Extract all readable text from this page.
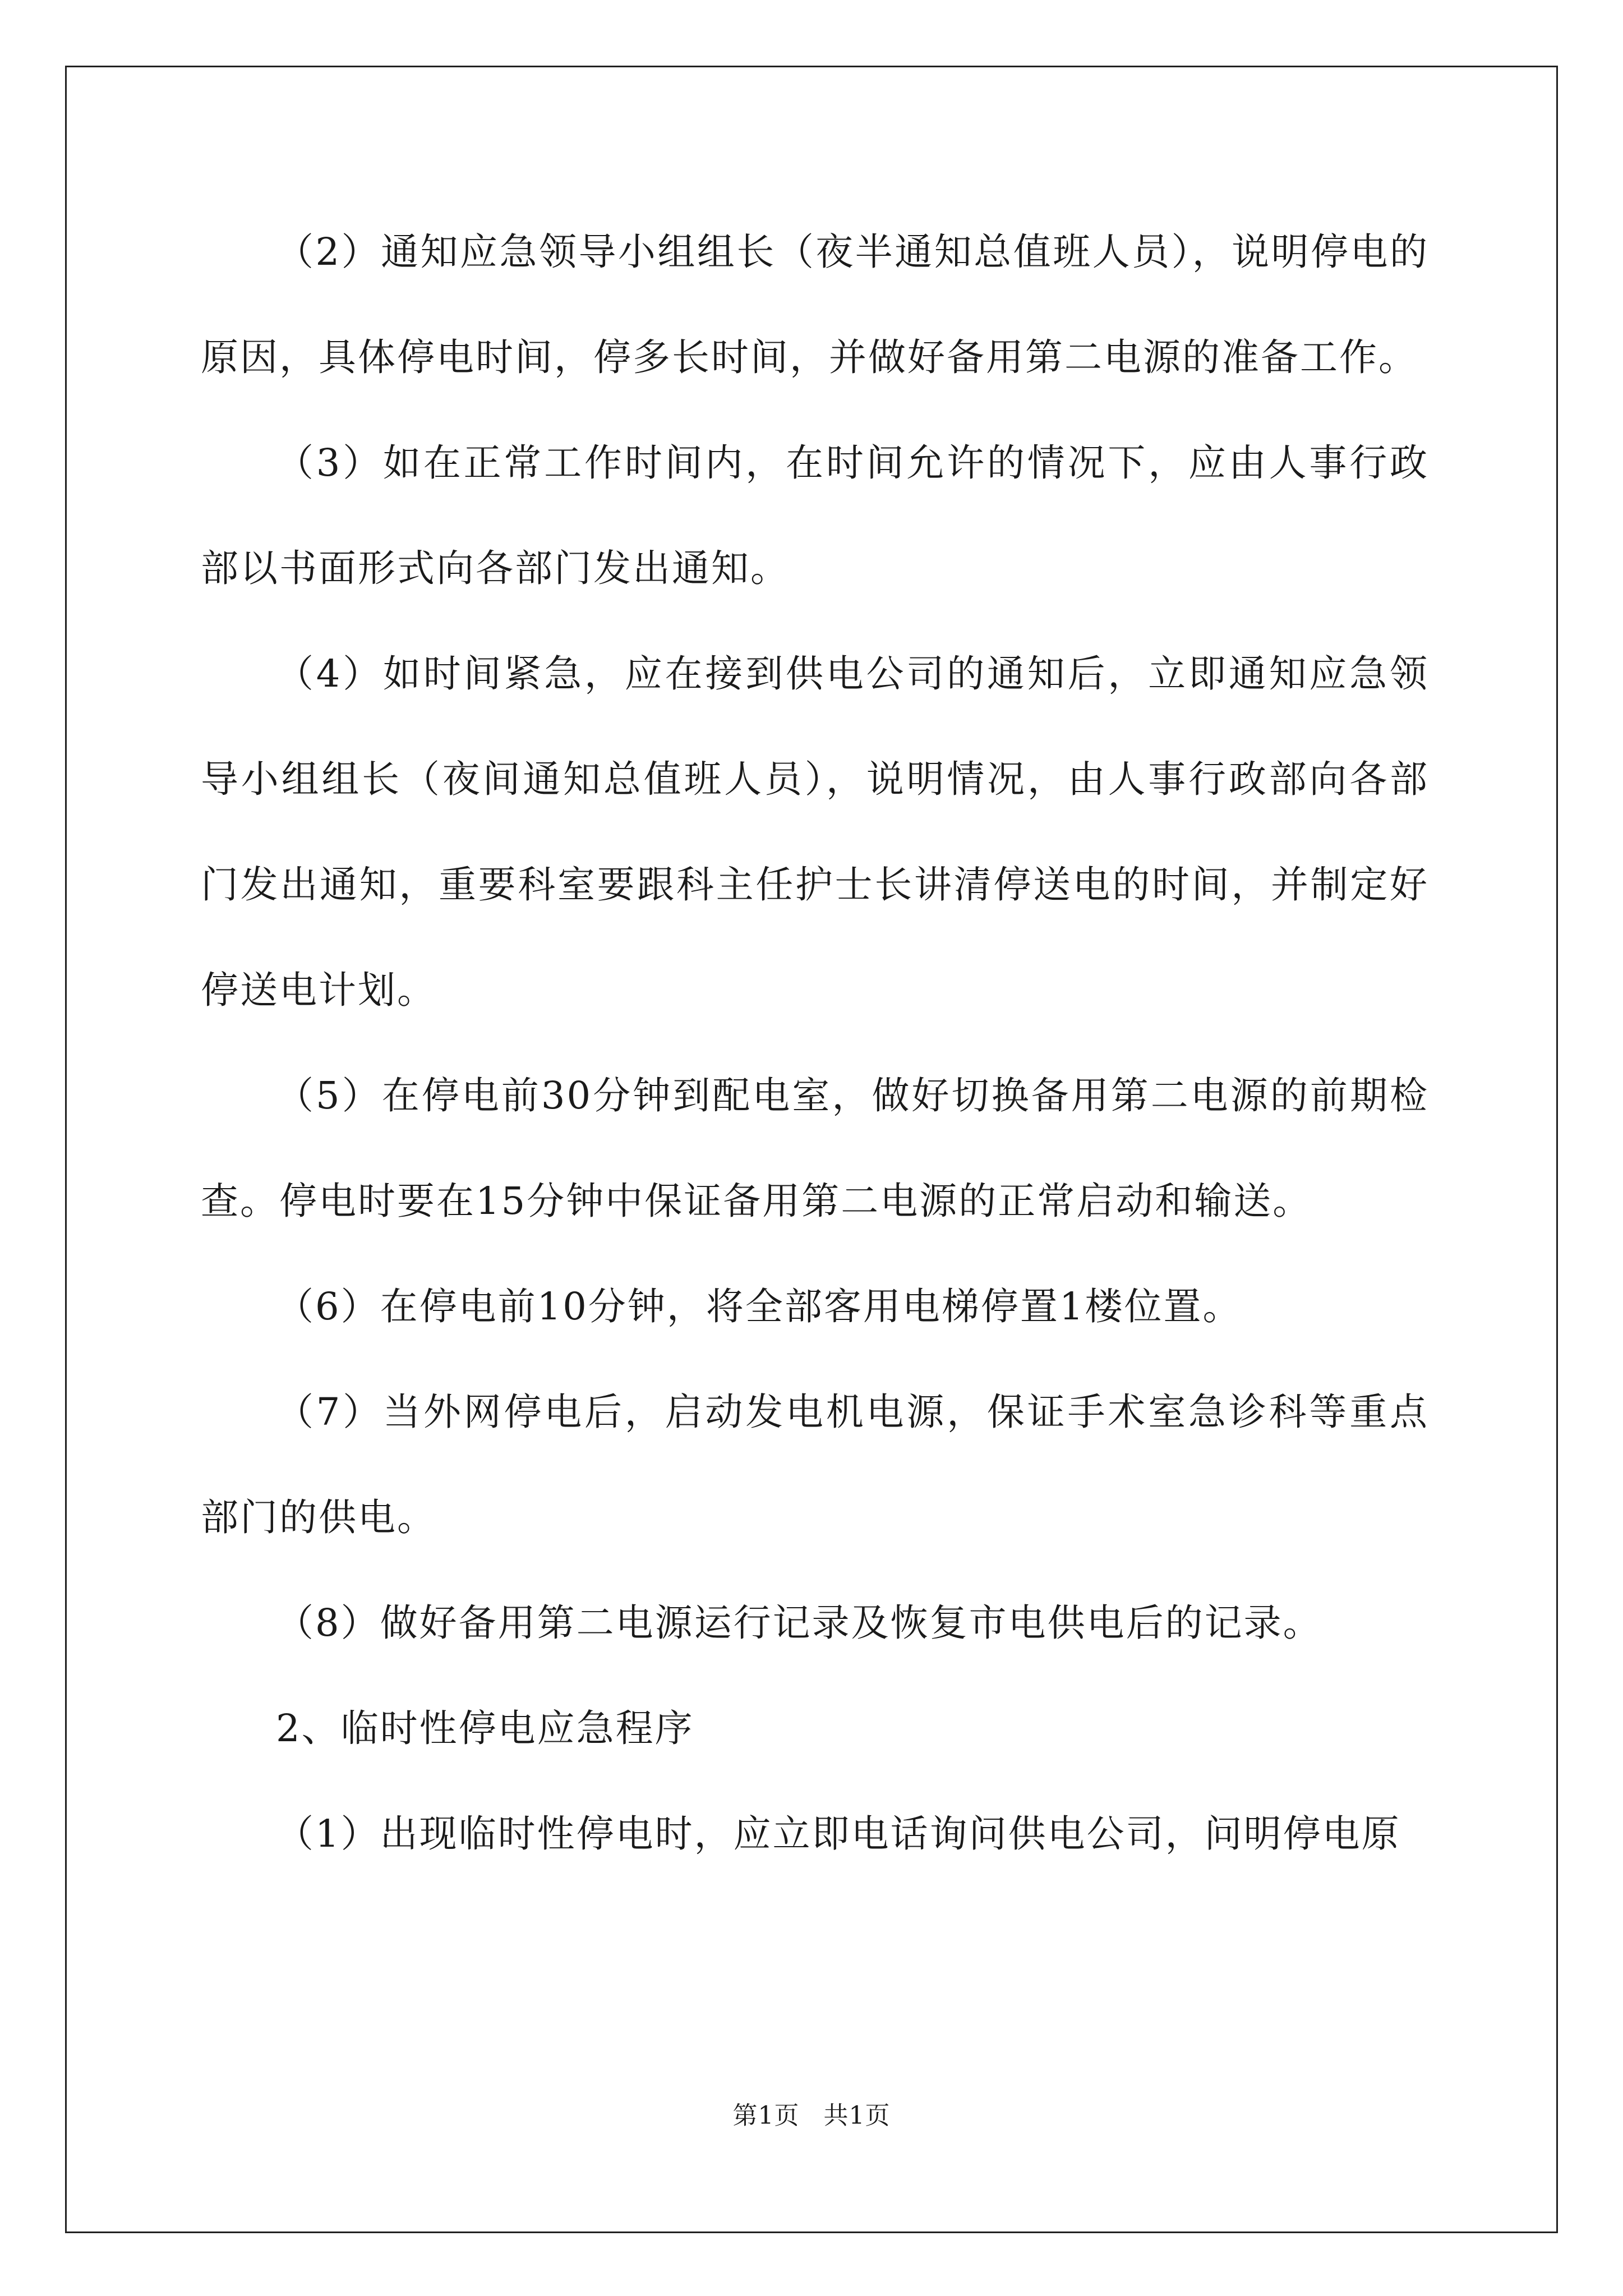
（2）通知应急领导小组组长（夜半通知总值班人员），说明停电的原因，具体停电时间，停多长时间，并做好备用第二电源的准备工作。

（3）如在正常工作时间内，在时间允许的情况下，应由人事行政部以书面形式向各部门发出通知。

（4）如时间紧急，应在接到供电公司的通知后，立即通知应急领导小组组长（夜间通知总值班人员），说明情况，由人事行政部向各部门发出通知，重要科室要跟科主任护士长讲清停送电的时间，并制定好停送电计划。

（5）在停电前30分钟到配电室，做好切换备用第二电源的前期检查。停电时要在15分钟中保证备用第二电源的正常启动和输送。

（6）在停电前10分钟，将全部客用电梯停置1楼位置。

（7）当外网停电后，启动发电机电源，保证手术室急诊科等重点部门的供电。

（8）做好备用第二电源运行记录及恢复市电供电后的记录。

2、临时性停电应急程序

（1）出现临时性停电时，应立即电话询问供电公司，问明停电原

第1页 共1页
